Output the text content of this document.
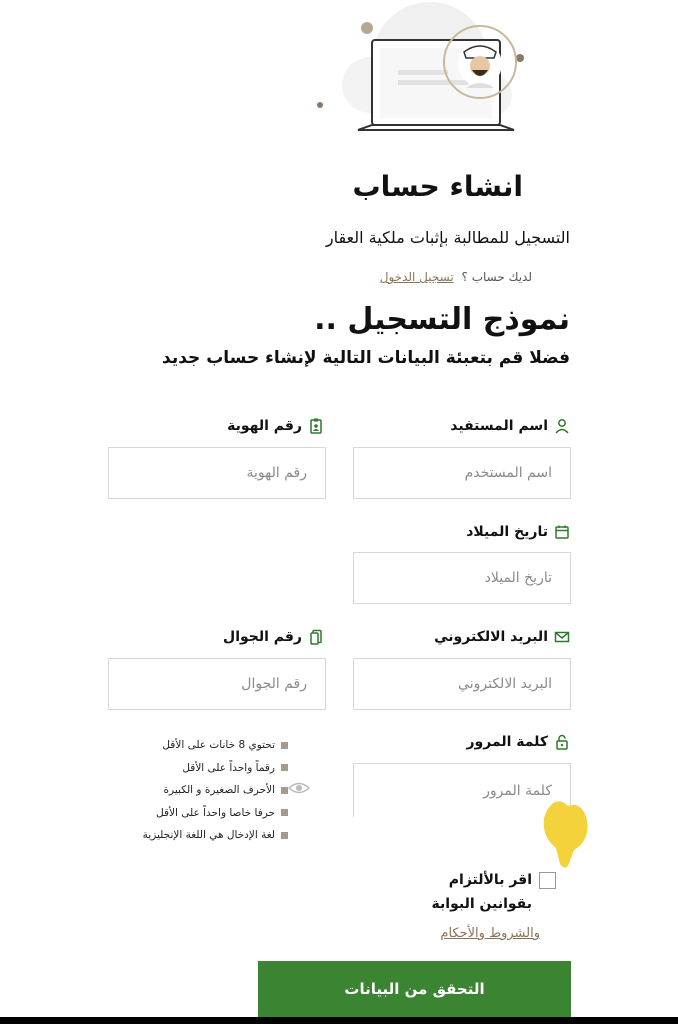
انشاء حساب
التسجيل للمطالبة بإثبات ملكية العقار
لديك حساب ؟ تسجيل الدخول
نموذج التسجيل ..
فضلا قم بتعبئة البيانات التالية لإنشاء حساب جديد
اسم المستفيد
اسم المستخدم
رقم الهوية
رقم الهوية
تاريخ الميلاد
تاريخ الميلاد
البريد الالكتروني
البريد الالكتروني
رقم الجوال
رقم الجوال
كلمة المرور
كلمة المرور
تحتوي 8 خانات على الأقل
رقماً واحداً على الأقل
الأحرف الصغيرة و الكبيرة
حرفا خاصا واحداً على الأقل
لغة الإدخال هي اللغة الإنجليزية
اقر بالألتزام بقوانين البوابة
والشروط والأحكام
التحقق من البيانات
